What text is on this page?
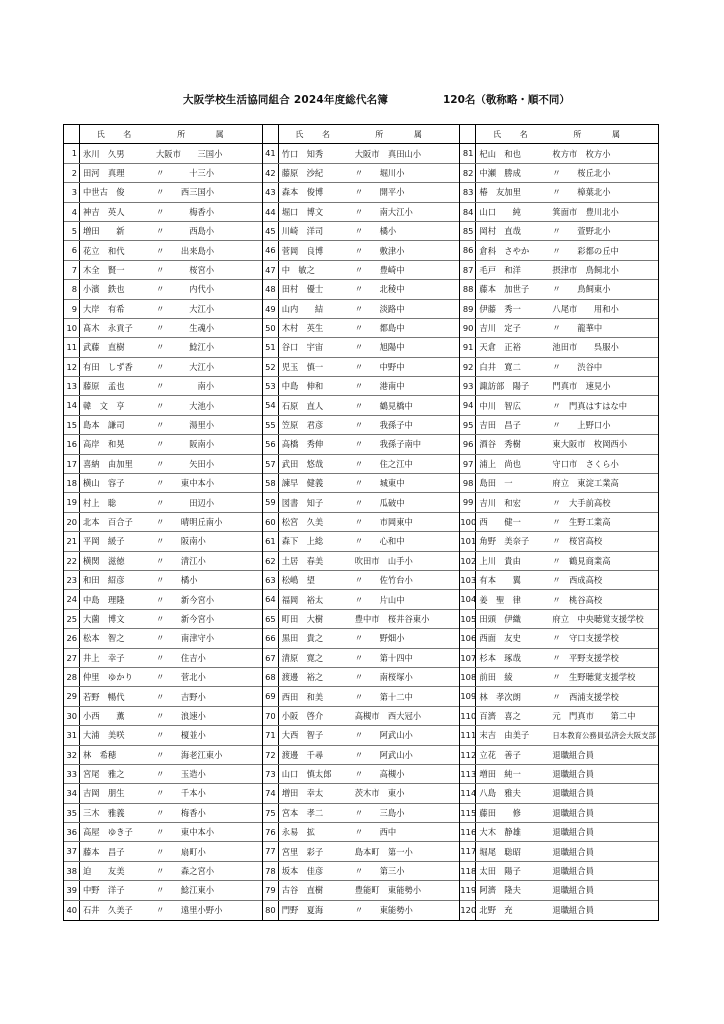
大阪学校生活協同組合 2024年度総代名簿	120名（敬称略・順不同）
氏 名	所 属
1 氷川　久男	大阪市　　三国小
2 田河　真理	〃　　　十三小
3 中世古　俊	〃　　西三国小
4 神吉　英人	〃　　　梅香小
5 増田　　新	〃　　　西島小
6 花立　和代	〃　　出来島小
7 木全　賢一	〃　　　桜宮小
8 小濱　鉄也	〃　　　内代小
9 大岸　有希	〃　　　大江小
10 髙木　永貢子	〃　　　生魂小
11 武藤　直樹	〃　　　鯰江小
12 有田　しず香	〃　　　大江小
13 藤原　孟也	〃　　　　南小
14 韓　文　亨	〃　　　大池小
15 島本　謙司	〃　　　湯里小
16 高岸　和晃	〃　　　阪南小
17 喜納　由加里	〃　　　矢田小
18 横山　容子	〃　　東中本小
19 村上　聡	〃　　　田辺小
20 北本　百合子	〃　　晴明丘南小
21 平岡　緩子	〃　　阪南小
22 横関　滋徳	〃　　清江小
23 和田　紹彦	〃　　橘小
24 中島　理隆	〃　　新今宮小
25 大薗　博文	〃　　新今宮小
26 松本　智之	〃　　南津守小
27 井上　幸子	〃　　住吉小
28 仲里　ゆかり	〃　　菅北小
29 若野　暢代	〃　　吉野小
30 小西　　薫	〃　　浪速小
31 大浦　美咲	〃　　榎並小
32 林　希穂	〃　　海老江東小
33 宮尾　雅之	〃　　玉造小
34 吉岡　朋生	〃　　千本小
35 三木　雅義	〃　　梅香小
36 高屋　ゆき子	〃　　東中本小
37 藤本　昌子	〃　　扇町小
38 迫　　友美	〃　　森之宮小
39 中野　洋子	〃　　鯰江東小
40 石井　久美子	〃　　遠里小野小
氏 名	所 属
41 竹口　知秀	大阪市　真田山小
42 藤原　沙紀	〃　　堀川小
43 森本　俊博	〃　　開平小
44 堀口　博文	〃　　南大江小
45 川崎　洋司	〃　　橘小
46 菅岡　良博	〃　　敷津小
47 中　敏之	〃　　豊崎中
48 田村　優士	〃　　北稜中
49 山内　　結	〃　　淡路中
50 木村　英生	〃　　都島中
51 谷口　宇宙	〃　　旭陽中
52 児玉　慎一	〃　　中野中
53 中島　伸和	〃　　港南中
54 石原　直人	〃　　鶴見橋中
55 笠原　君彦	〃　　我孫子中
56 高橋　秀伸	〃　　我孫子南中
57 武田　悠哉	〃　　住之江中
58 諫早　健義	〃　　城東中
59 図書　知子	〃　　瓜破中
60 松宮　久美	〃　　市岡東中
61 森下　上総	〃　　心和中
62 土居　春美	吹田市　山手小
63 松嶋　望	〃　　佐竹台小
64 福岡　裕太	〃　　片山中
65 町田　大樹	豊中市　桜井谷東小
66 黒田　貴之	〃　　野畑小
67 清原　寛之	〃　　第十四中
68 渡邊　裕之	〃　　南桜塚小
69 西田　和美	〃　　第十二中
70 小阪　啓介	高槻市　西大冠小
71 大西　智子	〃　　阿武山小
72 渡邊　千尋	〃　　阿武山小
73 山口　慎太郎	〃　　高槻小
74 増田　幸太	茨木市　東小
75 宮本　孝二	〃　　三島小
76 永易　拡	〃　　西中
77 宮里　彩子	島本町　第一小
78 坂本　佳彦	〃　　第三小
79 古谷　直樹	豊能町　東能勢小
80 門野　夏海	〃　　東能勢小
氏 名	所 属
81 杞山　和也	枚方市　枚方小
82 中瀬　勝成	〃　　桜丘北小
83 椿　友加里	〃　　樟葉北小
84 山口　　純	箕面市　豊川北小
85 岡村　直哉	〃　　萱野北小
86 倉科　さやか	〃　　彩都の丘中
87 毛戸　和洋	摂津市　鳥飼北小
88 藤本　加世子	〃　　鳥飼東小
89 伊藤　秀一	八尾市　　用和小
90 吉川　定子	〃　　龍華中
91 天倉　正裕	池田市　　呉服小
92 白井　寛二	〃　　渋谷中
93 諏訪部　陽子	門真市　速見小
94 中川　智広	〃　門真はすはな中
95 吉田　昌子	〃　　上野口小
96 酒谷　秀樹	東大阪市　枚岡西小
97 浦上　尚也	守口市　さくら小
98 島田　一	府立　東淀工業高
99 吉川　和宏	〃　大手前高校
100 西　　健一	〃　生野工業高
101 角野　美奈子	〃　桜宮高校
102 上川　貴由	〃　鶴見商業高
103 有本　　翼	〃　西成高校
104 姜　聖　律	〃　桃谷高校
105 田頭　伊織	府立　中央聴覚支援学校
106 西面　友史	〃　守口支援学校
107 杉本　琢哉	〃　平野支援学校
108 前田　綾	〃　生野聴覚支援学校
109 林　孝次朗	〃　西浦支援学校
110 百濟　喜之	元　門真市　　第二中
111 末吉　由美子	日本教育公務員弘済会大阪支部
112 立花　善子	退職組合員
113 増田　純一	退職組合員
114 八島　雅夫	退職組合員
115 藤田　　修	退職組合員
116 大木　静雄	退職組合員
117 堀尾　聡昭	退職組合員
118 太田　陽子	退職組合員
119 阿濟　隆夫	退職組合員
120 北野　充	退職組合員
